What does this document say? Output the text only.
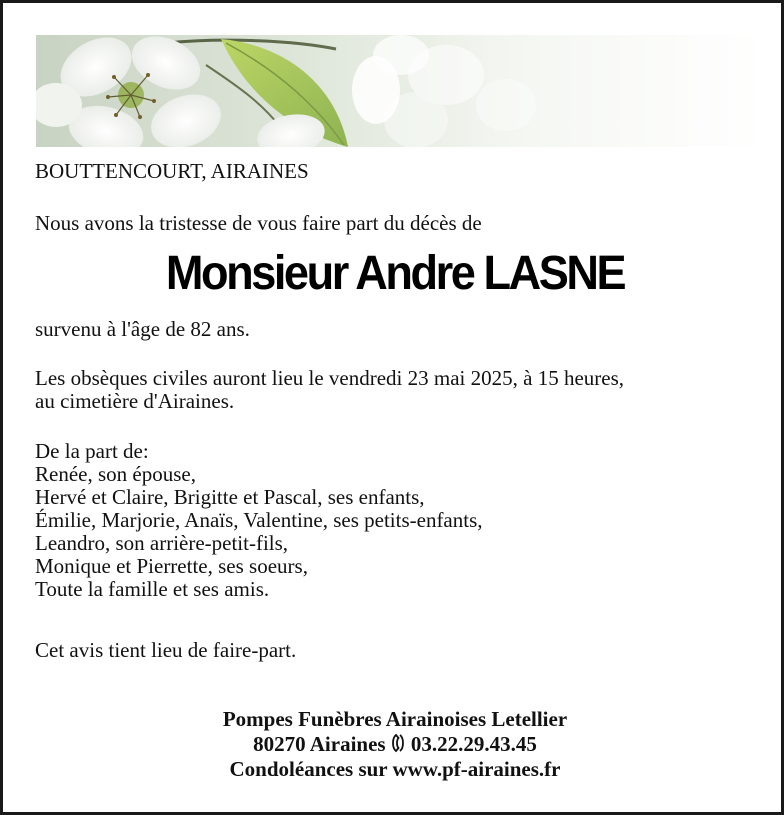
BOUTTENCOURT, AIRAINES
Nous avons la tristesse de vous faire part du décès de
Monsieur Andre LASNE
survenu à l'âge de 82 ans.
Les obsèques civiles auront lieu le vendredi 23 mai 2025, à 15 heures,
au cimetière d'Airaines.
De la part de:
Renée, son épouse,
Hervé et Claire, Brigitte et Pascal, ses enfants,
Émilie, Marjorie, Anaïs, Valentine, ses petits-enfants,
Leandro, son arrière-petit-fils,
Monique et Pierrette, ses soeurs,
Toute la famille et ses amis.
Cet avis tient lieu de faire-part.
Pompes Funèbres Airainoises Letellier
80270 Airaines 03.22.29.43.45
Condoléances sur www.pf-airaines.fr
